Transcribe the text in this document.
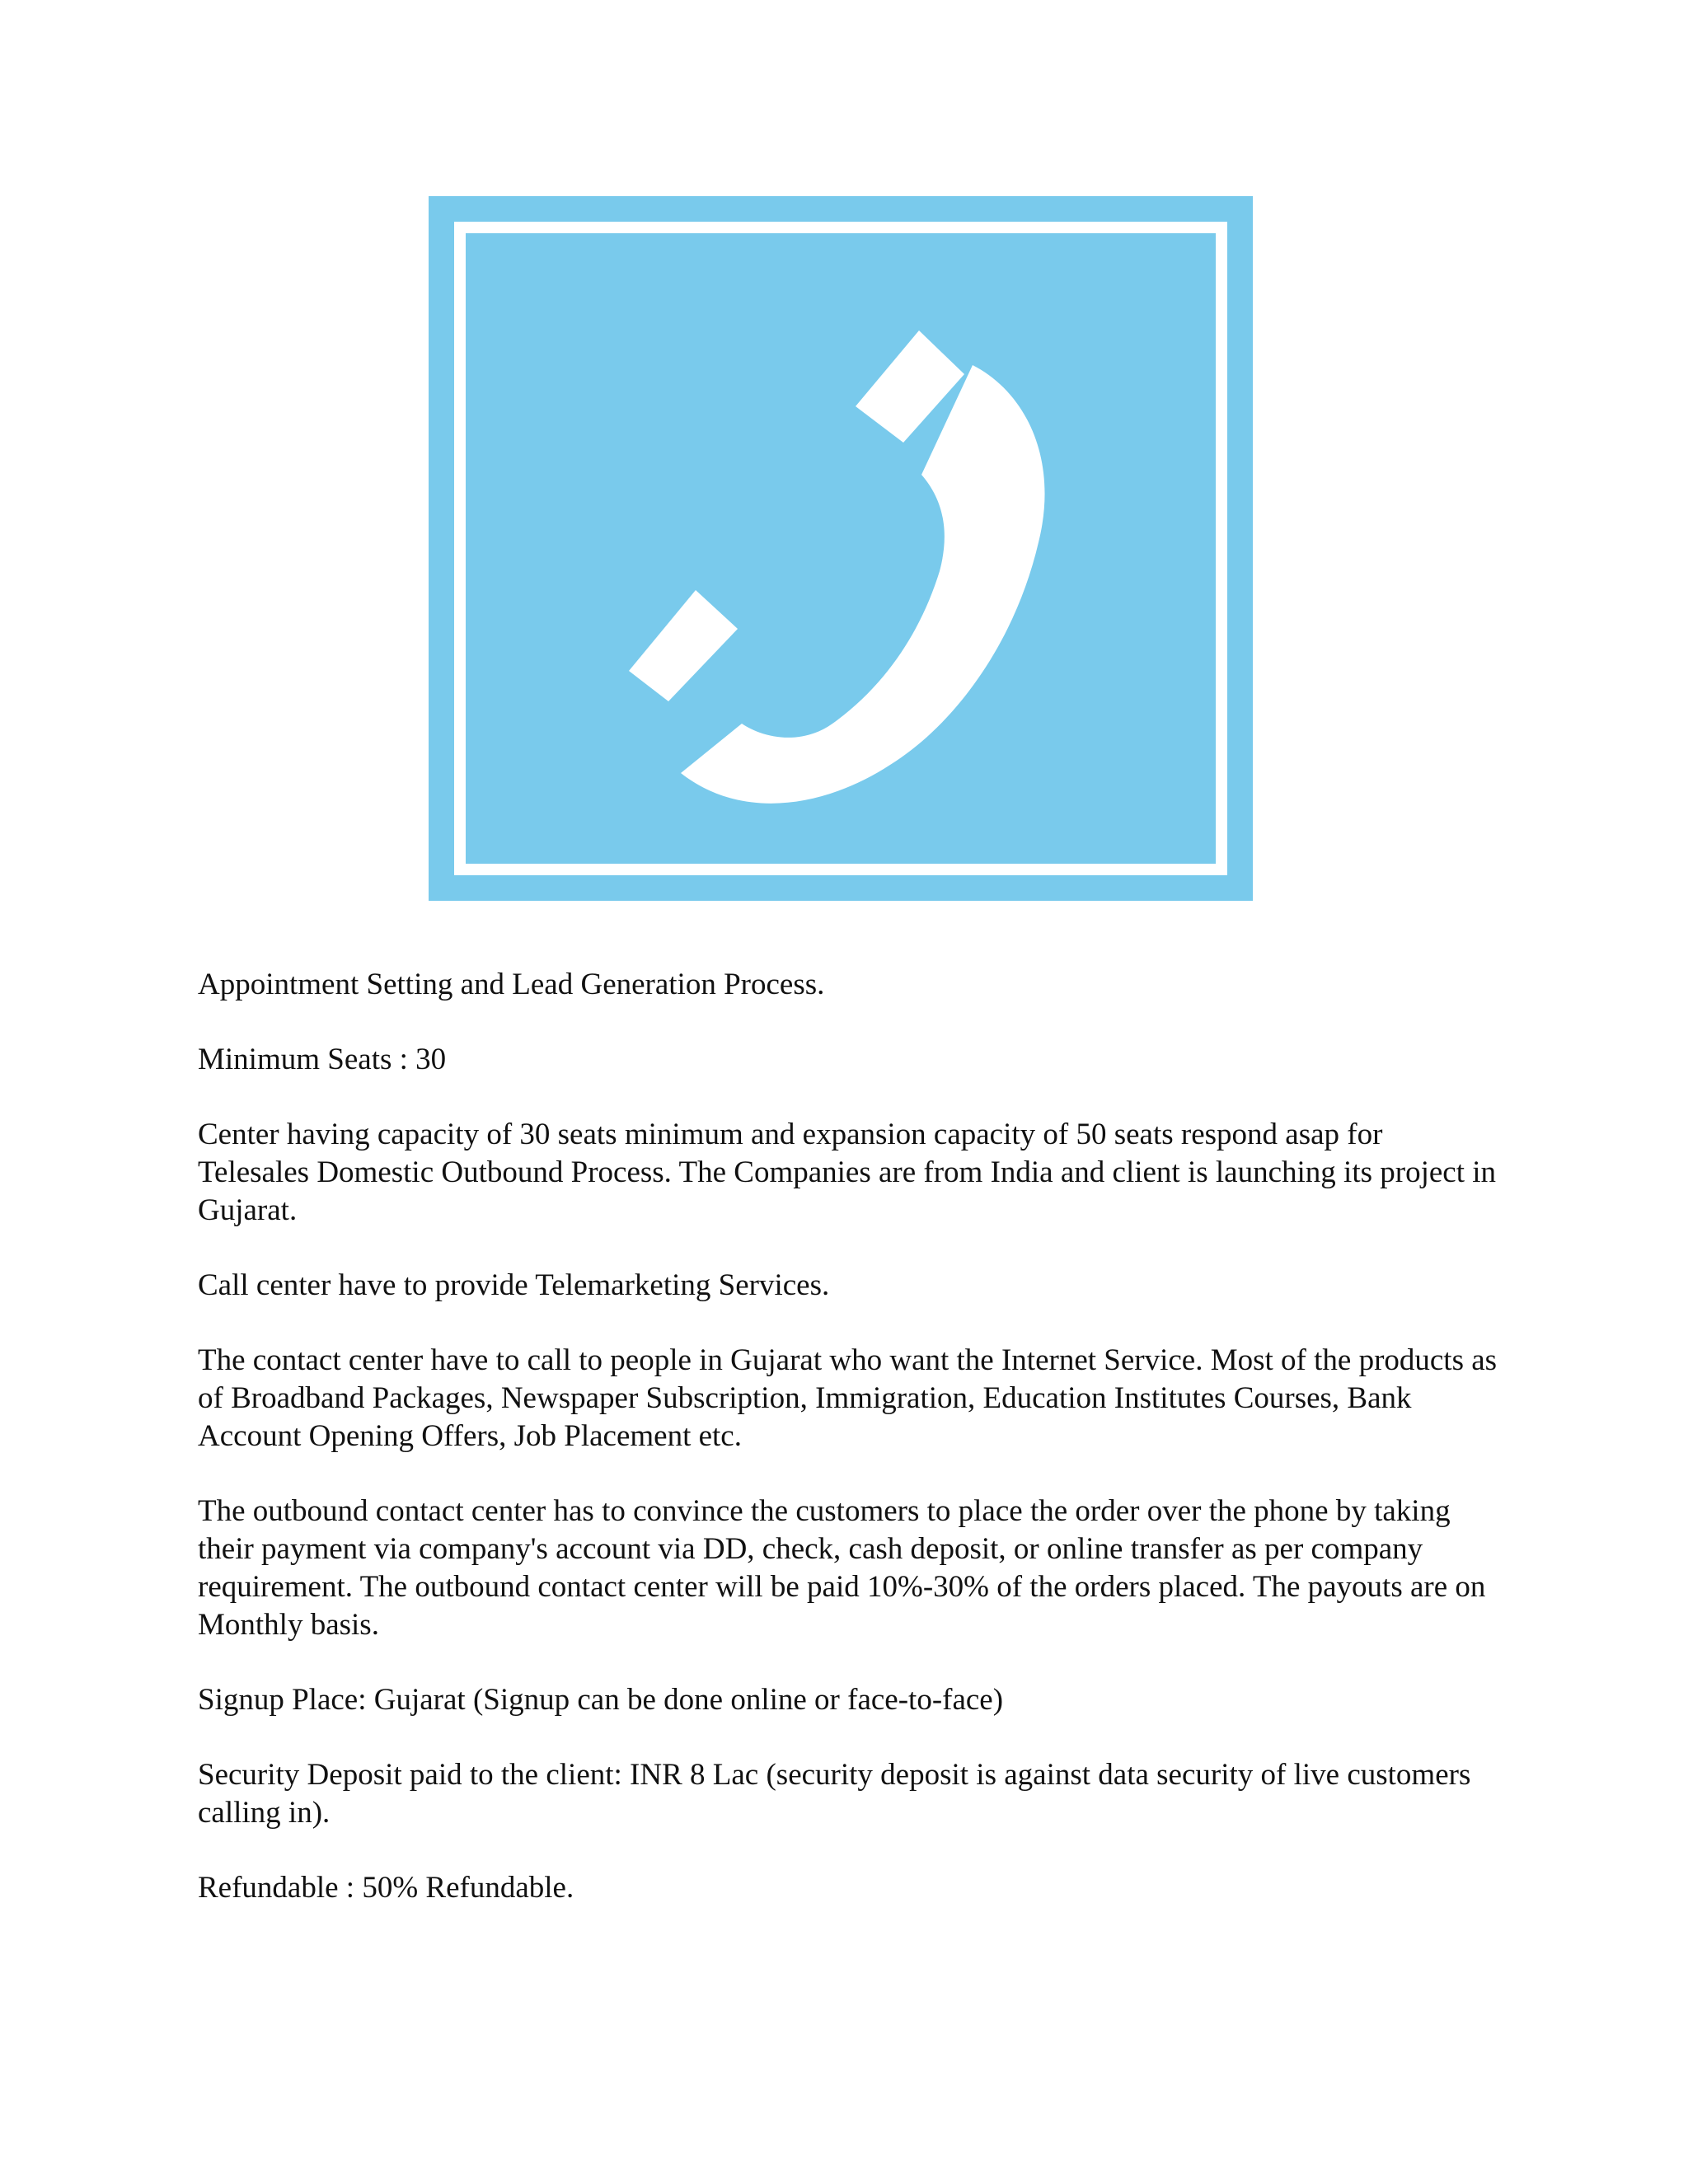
Appointment Setting and Lead Generation Process.

Minimum Seats : 30

Center having capacity of 30 seats minimum and expansion capacity of 50 seats respond asap for Telesales Domestic Outbound Process. The Companies are from India and client is launching its project in Gujarat.

Call center have to provide Telemarketing Services.

The contact center have to call to people in Gujarat who want the Internet Service. Most of the products as of Broadband Packages, Newspaper Subscription, Immigration, Education Institutes Courses, Bank Account Opening Offers, Job Placement etc.

The outbound contact center has to convince the customers to place the order over the phone by taking their payment via company's account via DD, check, cash deposit, or online transfer as per company requirement. The outbound contact center will be paid 10%-30% of the orders placed. The payouts are on Monthly basis.

Signup Place: Gujarat (Signup can be done online or face-to-face)

Security Deposit paid to the client: INR 8 Lac (security deposit is against data security of live customers calling in).

Refundable : 50% Refundable.
